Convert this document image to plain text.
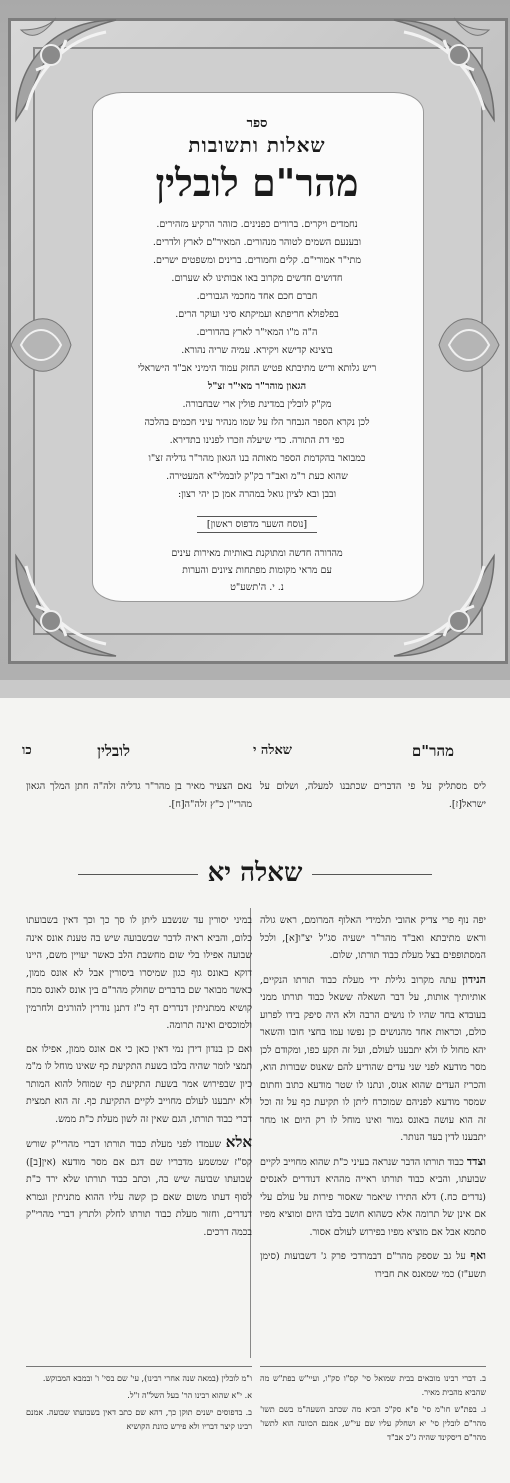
ספר
שאלות ותשובות
מהר"ם לובלין
נחמדים ויקרים. ברורים כפנינים. כזוהר הרקיע מזהירים.
ובענעם השמים לטוהר מנהורים. המאיר"ם לארץ ולדרים.
מתי"ר אמורי"ם. קלים וחמורים. ברינים ומשפטים ישרים.
חדושים חדשים מקרוב באו אבותינו לא שערום.
חברם חכם אחד מחכמי הגבורים.
בפלפולא חריפתא ועמיקתא סיני ועוקר הרים.
ה"ה מ"ו המאי"ר לארץ בהדורים.
בוצינא קדישא ויקירא. עמיה שריה נהורא.
ריש גלותא וריש מתיבתא פטיש החזק עמוד הימיני אב"ד הישראלי
הגאון מוהר"ר מאי"ר זצ"ל
מק"ק לובלין במדינת פולין ארי שבחבורה.
לכן נקרא הספר הנבחר הלז על שמו מנהיר עיני חכמים בהלכה
כפי דת התורה. כדי שיעלה וזכרו לפנינו בתדירא.
כמבואר בהקדמת הספר מאותה בנו הגאון מהר"ר גדליה זצ"ו
שהוא כעת ר"מ ואב"ד בק"ק לובמלי"א המעטירה.
ובבן ובא לציון גואל במהרה אמן כן יהי רצון:
[נוסח השער מדפוס ראשון]
מהדורה חדשה ומתוקנת באותיות מאירות עינים
עם מראי מקומות מפתחות ציונים והערות
נ. י. ה'תשע"ט
מהר"ם
שאלה י
לובלין
כו

ליס מסתליק על פי הדברים שכתבנו למעלה, ושלום על ישראל[ז].

נאם הצעיר מאיר בן מהר"ר גדליה זלה"ה חתן המלך הגאון מהרי"ן כ"ץ זלה"ה[ח].

שאלה יא

יפה נוף פרי צדיק אהובי תלמידי האלוף המרומם, ראש גולה וראש מתיבתא ואב"ד מהר"ר ישעיה סג"ל יצ"ו[א], ולכל המסתופפים בצל מעלת כבוד תורתו, שלום.

הנידון עתה מקרוב גלילת ידי מעלת כבוד תורתו הנקיים, אותיותיך אותות, על דבר השאלה ששאל כבוד תורתו ממני בעובדא בחד שהיו לו נושים הרבה ולא היה סיפק בידו לפרוע כולם, וכראות אחד מהנושים כן נפשו עמו בחצי חובו והשאר יהא מחול לו ולא יתבענו לעולם, ועל זה תקע כפו, ומקודם לכן מסר מודעא לפני שני עדים שהודיע להם שאנוס שבורות הוא, והכריז העדים שהוא אנוס, ונתנו לו שטר מודעא כתוב וחתום שמסר מודעא לפניהם שמוכרח ליתן לו תקיעת כף על זה וכל זה הוא עושה באונס גמור ואינו מוחל לו רק היום או מחר יתבענו לדין בעד הנותר.

וצדד כבוד תורתו הדבר שנראה בעיני כ"ת שהוא מחוייב לקיים שבועתו, והביא כבוד תורתו ראייה מההיא דנודרים לאנסים (נדרים כח.) דלא התירו שיאמר שאסור פירות על עולם עלי אם אינן של תרומה אלא כשהוא חושב בלבו היום ומוציא מפיו סתמא אבל אם מוציא מפיו בפירוש לעולם אסור.

ואף על גב שספק מהר"ם דבמרדכי פרק ג' דשבועות (סימן תשע"ז) כמי שמאנס את חבירו

במיני יסורין עד שנשבע ליתן לו סך כך וכך דאין בשבועתו כלום, והביא ראיה לדבר שבשבועה שיש בה טענת אונס אינה שבועה אפילו בלי שום מחשבת הלב כאשר יעויין משם, היינו דוקא באונס גוף כגון שמיסרו ביסורין אבל לא אונס ממון, כאשר מבואר שם בדברים שחולק מהר"ם בין אונס לאונס מכח קושיא ממתניתין דנדרים דף כ"ז דתנן נודרין להורגים ולחרמין ולמוכסים ואינה תרומה.

ואם כן בנדון דידן נמי דאין כאן כי אם אונס ממון, אפילו אם תמצי לומר שהיה בלבו בשעת התקיעת כף שאינו מוחל לו מ"מ כיון שבפירוש אמר בשעת התקיעת כף שמוחל להוא המותר ולא יתבענו לעולם מחוייב לקיים התקיעת כף. זה הוא תמצית דברי כבוד תורתו, הגם שאין זה לשון מעלת כ"ת ממש.

אלא שעמדו לפני מעלת כבוד תורתו דברי מהרי"ק שורש קס"ז שמשמע מדבריו שם דגם אם מסר מודעא (אין[ב]) שבועתו שבועה שיש בה, וכתב כבוד תורתו שלא ירד כ"ת לסוף דעתו משום שאם כן קשה עליו ההוא מתניתין וגמרא דנדרים, וחזור מעלת כבוד תורתו לחלק ולתרץ דברי מהרי"ק בכמה דרכים.

ו"מ לובלין (במאה שנה אחרי רבינו), עי' שם בסי' ו' ובמבא המבוקש.

א. י"א שהוא רבינו הר' בעל השל"ה ז"ל.

ב. בדפוסים ישנים תוקן כך, דהא שם כתב דאין בשבועתו שבועה. אמנם רבינו קיצר דבריו ולא פירש כוונת הקושיא

ב. דברי רבינו מובאים בבית שמואל סי' קס"ו סק"ו, ועיי"ש בפת"ש מה שהביא מהבית מאיר.

ג. בפת"ש חו"מ סי' פ"א סק"כ הביא מה שכתב השעה"מ בשם תשו' מהר"ם לובלין סי' יא ושחלק עליו שם עי"ש, אמנם הכוונה הוא לתשו' מהר"ם דיסקינד שהיה ג"כ אב"ד
